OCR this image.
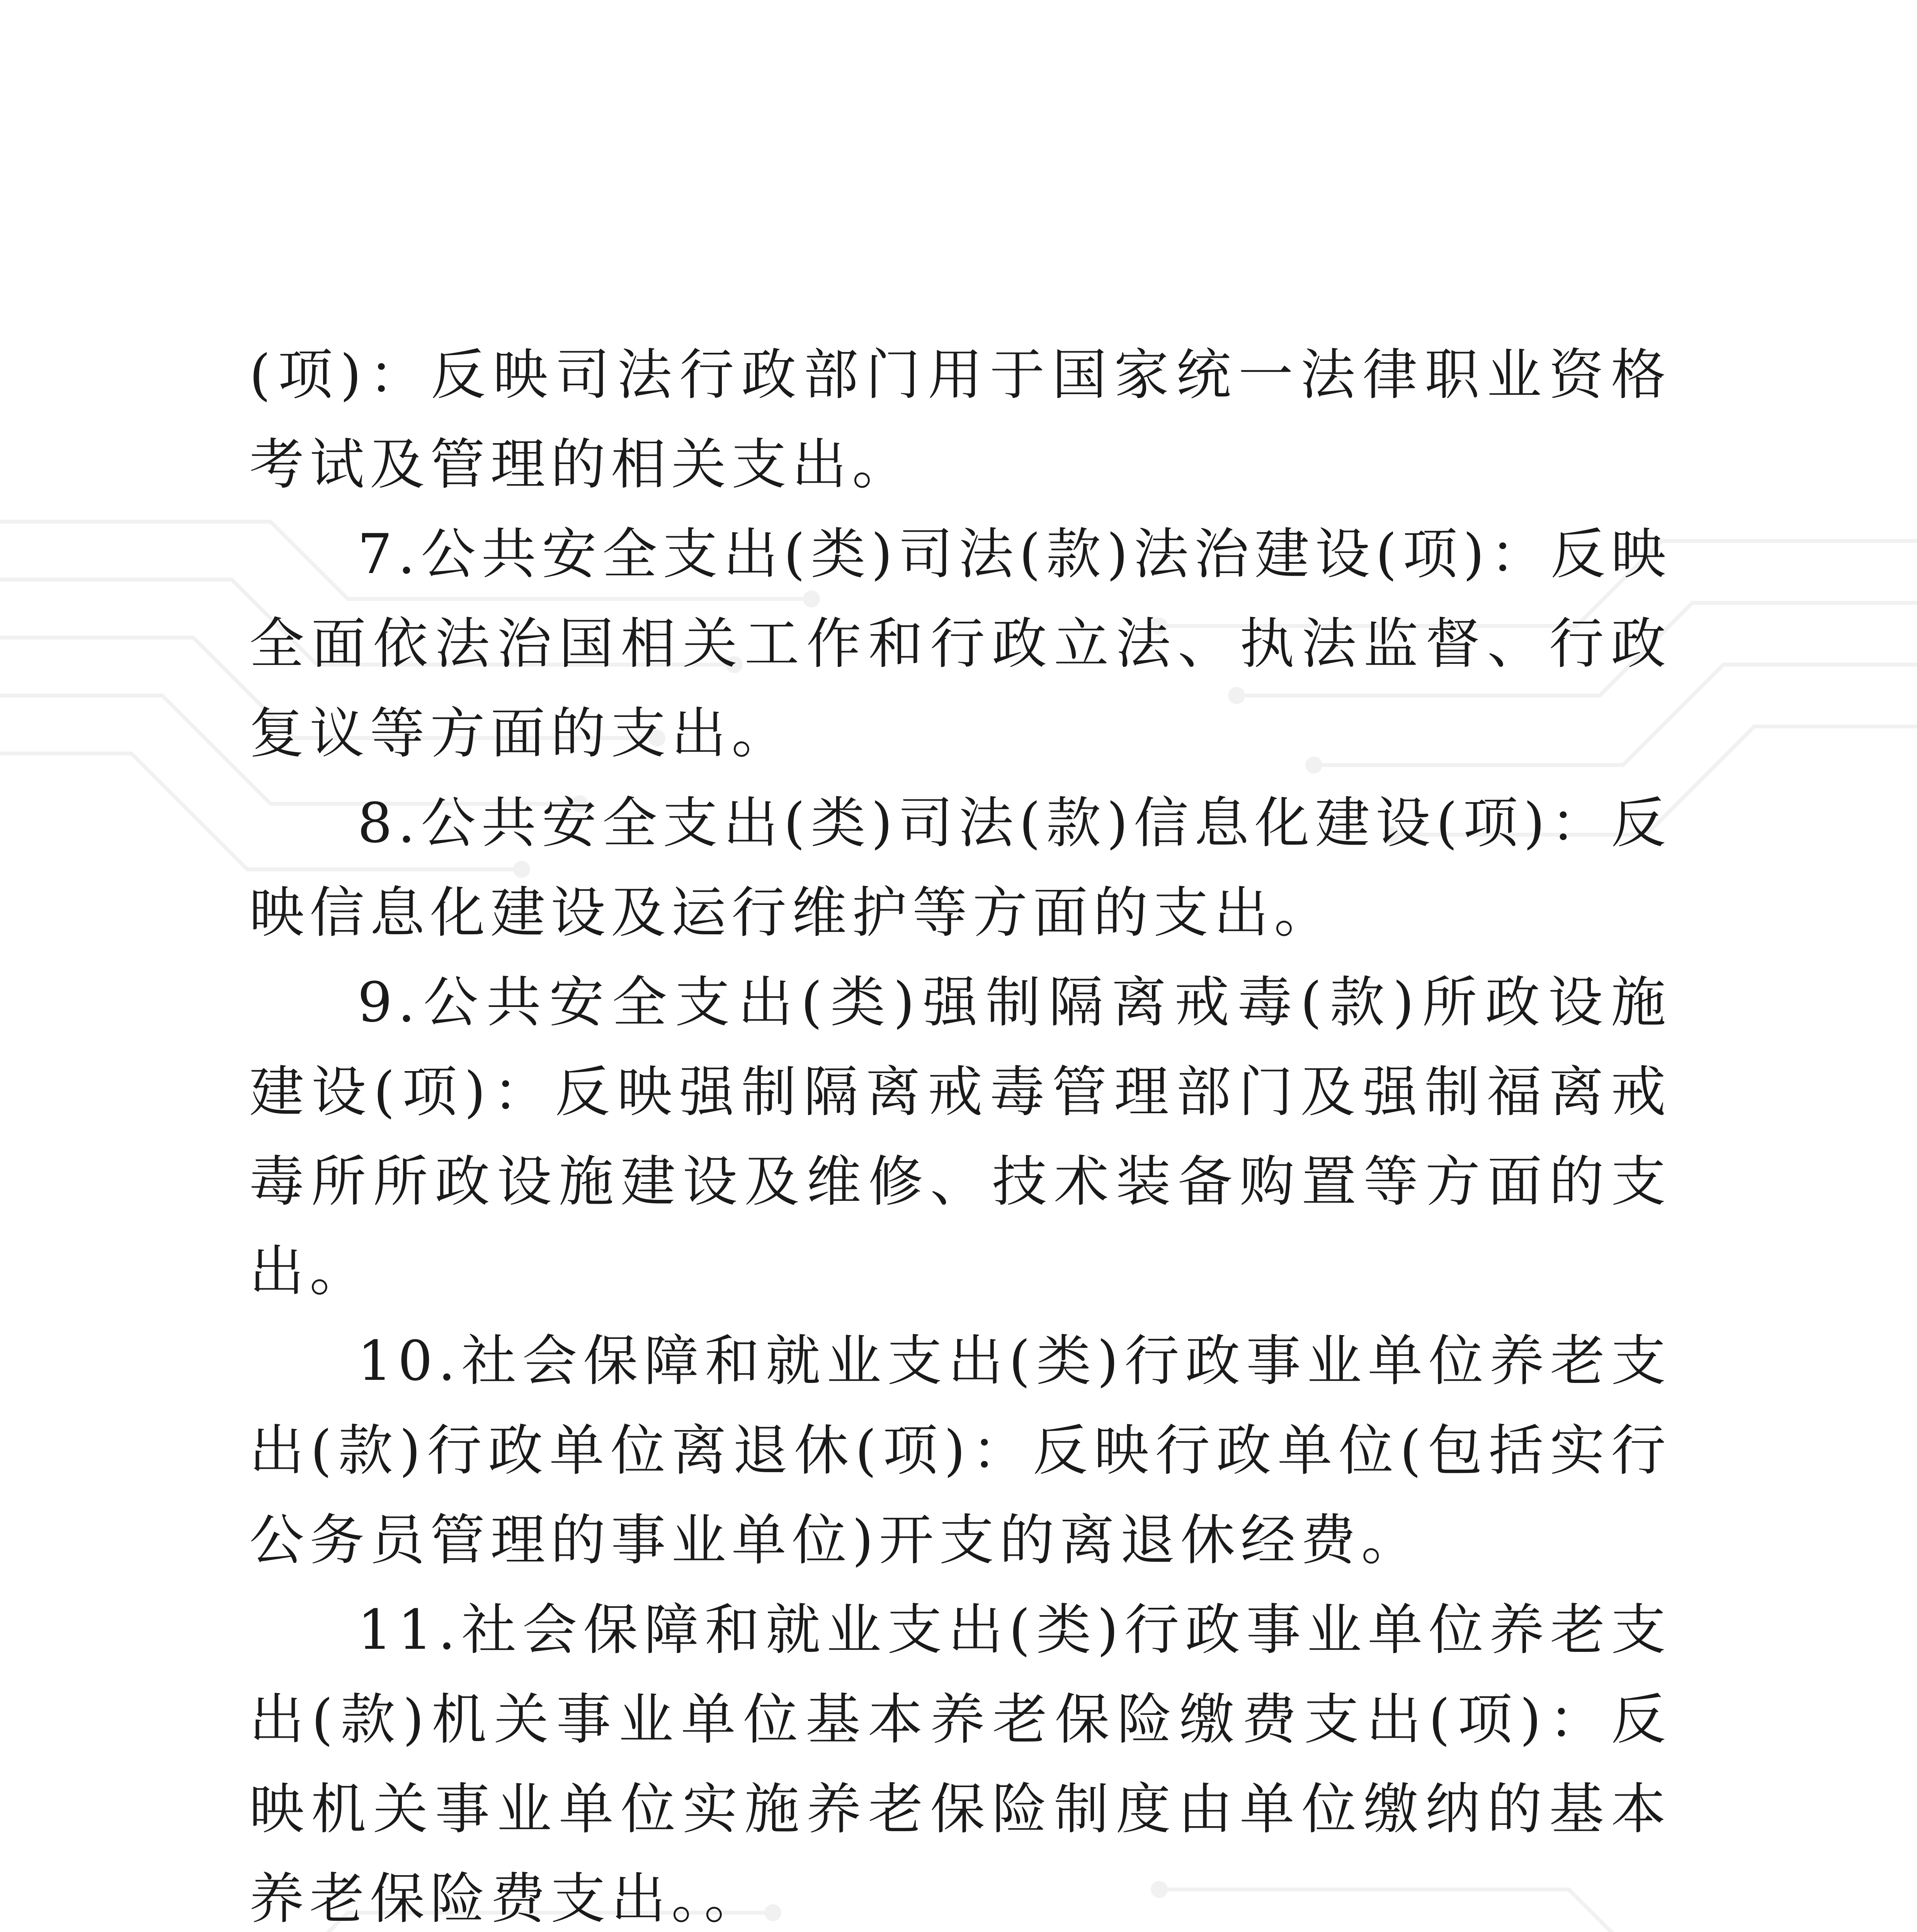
(项)：反映司法行政部门用于国家统一法律职业资格考试及管理的相关支出。

7.公共安全支出(类)司法(款)法治建设(项)：反映全面依法治国相关工作和行政立法、执法监督、行政复议等方面的支出。

8.公共安全支出(类)司法(款)信息化建设(项)：反映信息化建设及运行维护等方面的支出。

9.公共安全支出(类)强制隔离戒毒(款)所政设施建设(项)：反映强制隔离戒毒管理部门及强制福离戒毒所所政设施建设及维修、技术装备购置等方面的支出。

10.社会保障和就业支出(类)行政事业单位养老支出(款)行政单位离退休(项)：反映行政单位(包括实行公务员管理的事业单位)开支的离退休经费。

11.社会保障和就业支出(类)行政事业单位养老支出(款)机关事业单位基本养老保险缴费支出(项)：反映机关事业单位实施养老保险制度由单位缴纳的基本养老保险费支出。。
